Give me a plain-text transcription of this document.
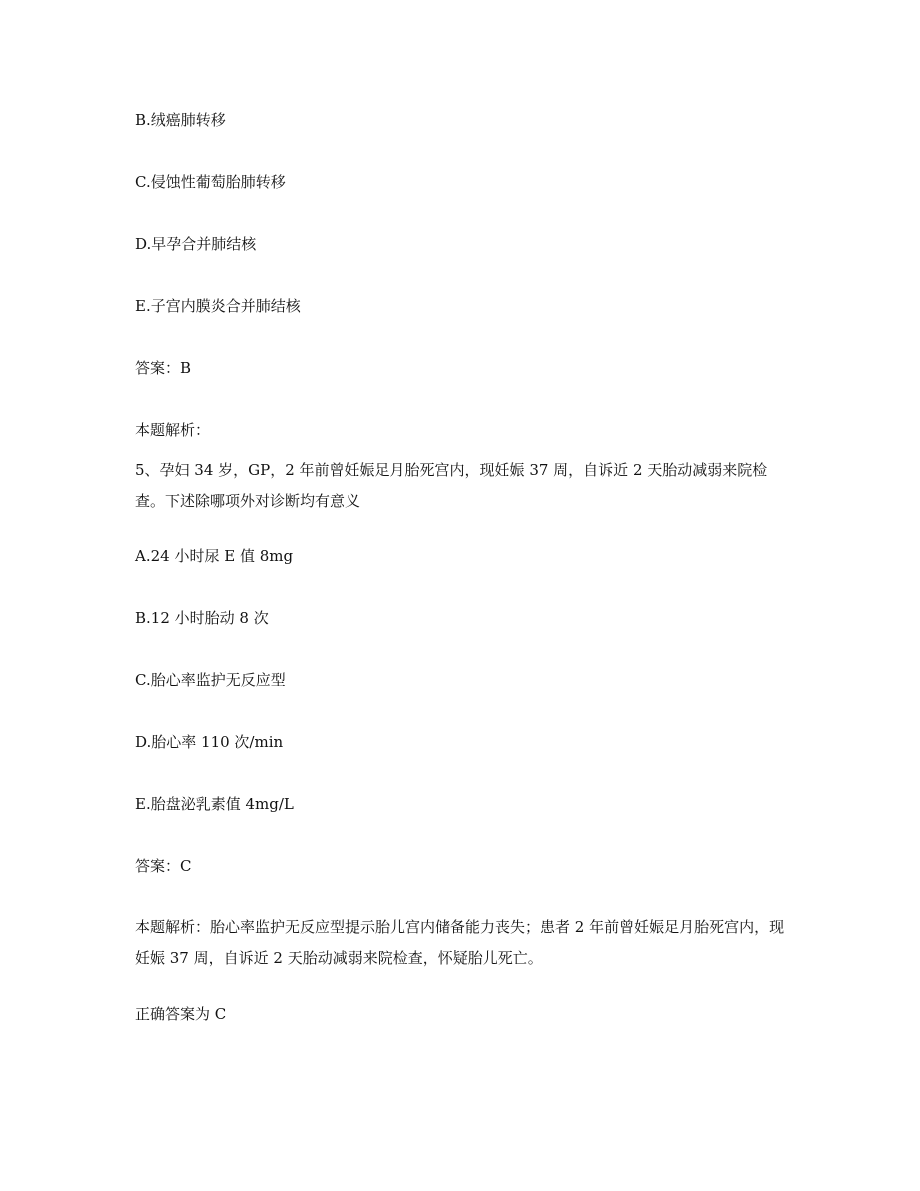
B.绒癌肺转移
C.侵蚀性葡萄胎肺转移
D.早孕合并肺结核
E.子宫内膜炎合并肺结核
答案：B
本题解析：
5、孕妇 34 岁，GP，2 年前曾妊娠足月胎死宫内，现妊娠 37 周，自诉近 2 天胎动减弱来院检查。下述除哪项外对诊断均有意义
A.24 小时尿 E 值 8mg
B.12 小时胎动 8 次
C.胎心率监护无反应型
D.胎心率 110 次/min
E.胎盘泌乳素值 4mg/L
答案：C
本题解析：胎心率监护无反应型提示胎儿宫内储备能力丧失；患者 2 年前曾妊娠足月胎死宫内，现妊娠 37 周，自诉近 2 天胎动减弱来院检查，怀疑胎儿死亡。
正确答案为 C
